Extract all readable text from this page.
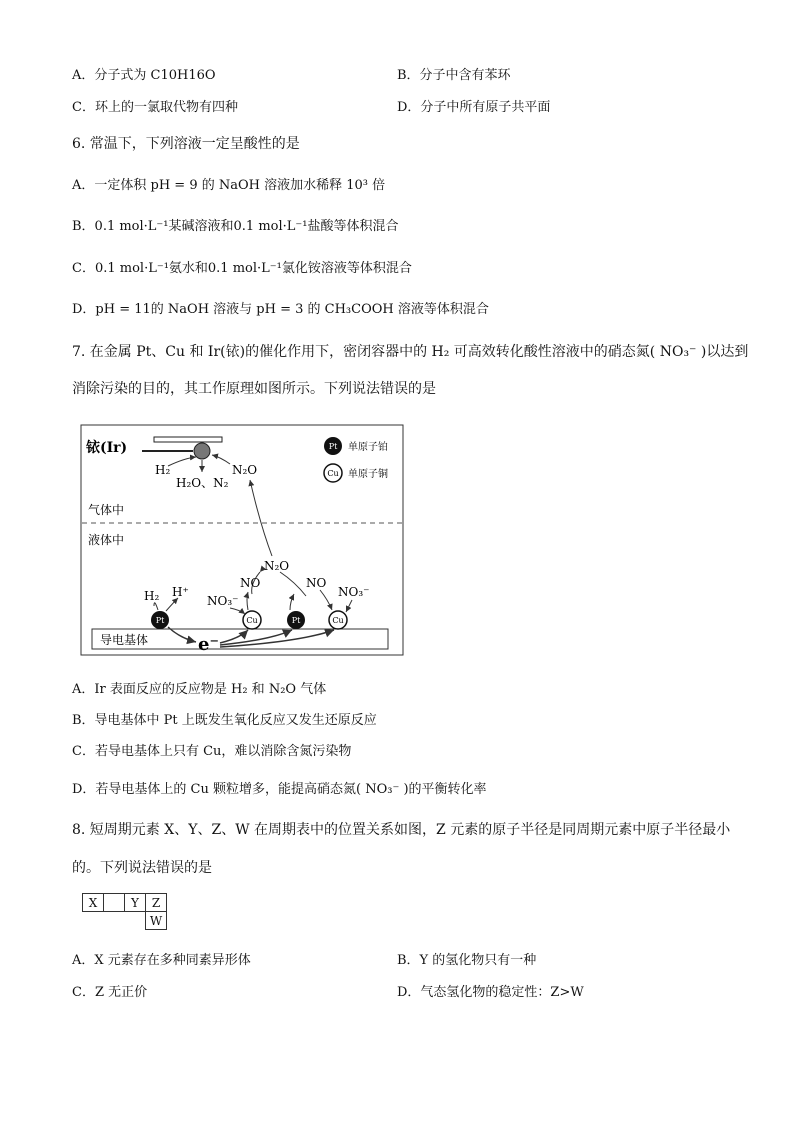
A．分子式为 C10H16O	B．分子中含有苯环
C．环上的一氯取代物有四种	D．分子中所有原子共平面
6. 常温下，下列溶液一定呈酸性的是
A．一定体积 pH = 9 的 NaOH 溶液加水稀释 10³ 倍
B．0.1 mol·L⁻¹某碱溶液和0.1 mol·L⁻¹盐酸等体积混合
C．0.1 mol·L⁻¹氨水和0.1 mol·L⁻¹氯化铵溶液等体积混合
D．pH = 11的 NaOH 溶液与 pH = 3 的 CH₃COOH 溶液等体积混合
7. 在金属 Pt、Cu 和 Ir(铱)的催化作用下，密闭容器中的 H₂ 可高效转化酸性溶液中的硝态氮( NO₃⁻ )以达到
消除污染的目的，其工作原理如图所示。下列说法错误的是
铱(Ir)
H₂
H₂O、N₂
N₂O
Pt 单原子铂
Cu 单原子铜
气体中
液体中
N₂O
NO
NO₃⁻
NO
NO₃⁻
H₂ H⁺
导电基体	e⁻
Pt	Cu	Pt	Cu
A．Ir 表面反应的反应物是 H₂ 和 N₂O 气体
B．导电基体中 Pt 上既发生氧化反应又发生还原反应
C．若导电基体上只有 Cu，难以消除含氮污染物
D．若导电基体上的 Cu 颗粒增多，能提高硝态氮( NO₃⁻ )的平衡转化率
8. 短周期元素 X、Y、Z、W 在周期表中的位置关系如图，Z 元素的原子半径是同周期元素中原子半径最小
的。下列说法错误的是
X		Y	Z
			W
A．X 元素存在多种同素异形体	B．Y 的氢化物只有一种
C．Z 无正价	D．气态氢化物的稳定性：Z>W
